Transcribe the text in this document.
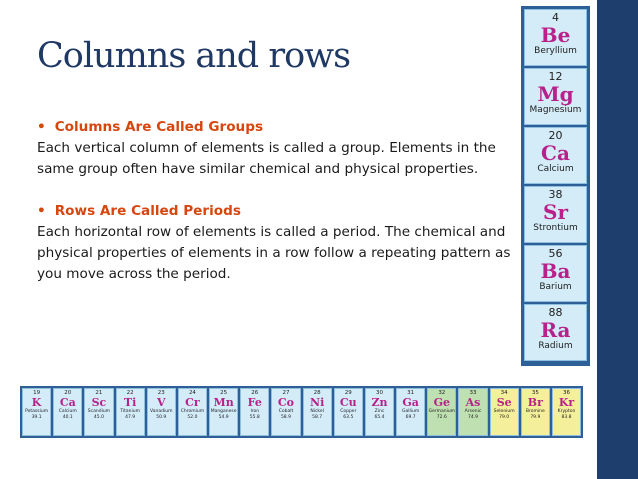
Columns and rows

• Columns Are Called Groups

Each vertical column of elements is called a group. Elements in the same group often have similar chemical and physical properties.

• Rows Are Called Periods

Each horizontal row of elements is called a period. The chemical and physical properties of elements in a row follow a repeating pattern as you move across the period.

4
Be
Beryllium
12
Mg
Magnesium
20
Ca
Calcium
38
Sr
Strontium
56
Ba
Barium
88
Ra
Radium
19
K
Potassium
39.1
20
Ca
Calcium
40.1
21
Sc
Scandium
45.0
22
Ti
Titanium
47.9
23
V
Vanadium
50.9
24
Cr
Chromium
52.0
25
Mn
Manganese
54.9
26
Fe
Iron
55.8
27
Co
Cobalt
58.9
28
Ni
Nickel
58.7
29
Cu
Copper
63.5
30
Zn
Zinc
65.4
31
Ga
Gallium
69.7
32
Ge
Germanium
72.6
33
As
Arsenic
74.9
34
Se
Selenium
79.0
35
Br
Bromine
79.9
36
Kr
Krypton
83.8
